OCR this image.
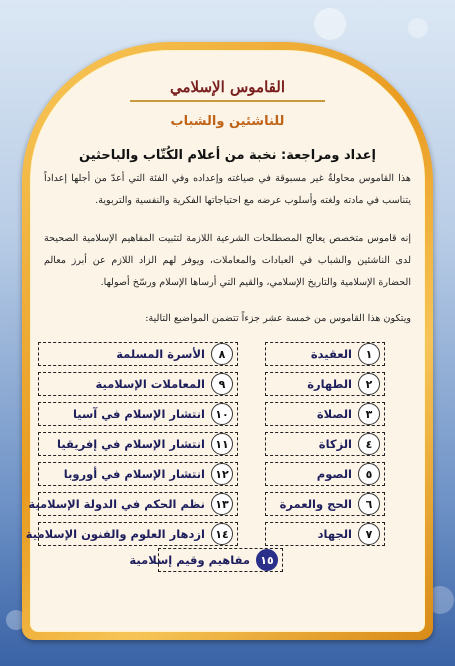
القاموس الإسلامي
للناشئين والشباب
إعداد ومراجعة: نخبة من أعلام الكُتّاب والباحثين
هذا القاموس محاولةٌ غير مسبوقة في صياغته وإعداده وفي الفئة التي أعدّ من أجلها إعداداً يتناسب في مادته ولغته وأسلوب عرضه مع احتياجاتها الفكرية والنفسية والتربوية.
إنه قاموس متخصص يعالج المصطلحات الشرعية اللازمة لتثبيت المفاهيم الإسلامية الصحيحة لدى الناشئين والشباب في العبادات والمعاملات، ويوفر لهم الزاد اللازم عن أبرز معالم الحضارة الإسلامية والتاريخ الإسلامي، والقيم التي أرساها الإسلام ورسّخ أصولها.
ويتكون هذا القاموس من خمسة عشر جزءاً تتضمن المواضيع التالية:
١
العقيدة
٢
الطهارة
٣
الصلاة
٤
الزكاة
٥
الصوم
٦
الحج والعمرة
٧
الجهاد
٨
الأسرة المسلمة
٩
المعاملات الإسلامية
١٠
انتشار الإسلام في آسيا
١١
انتشار الإسلام في إفريقيا
١٢
انتشار الإسلام في أوروبا
١٣
نظم الحكم في الدولة الإسلامية
١٤
ازدهار العلوم والفنون الإسلامية
١٥
مفاهيم وقيم إسلامية
